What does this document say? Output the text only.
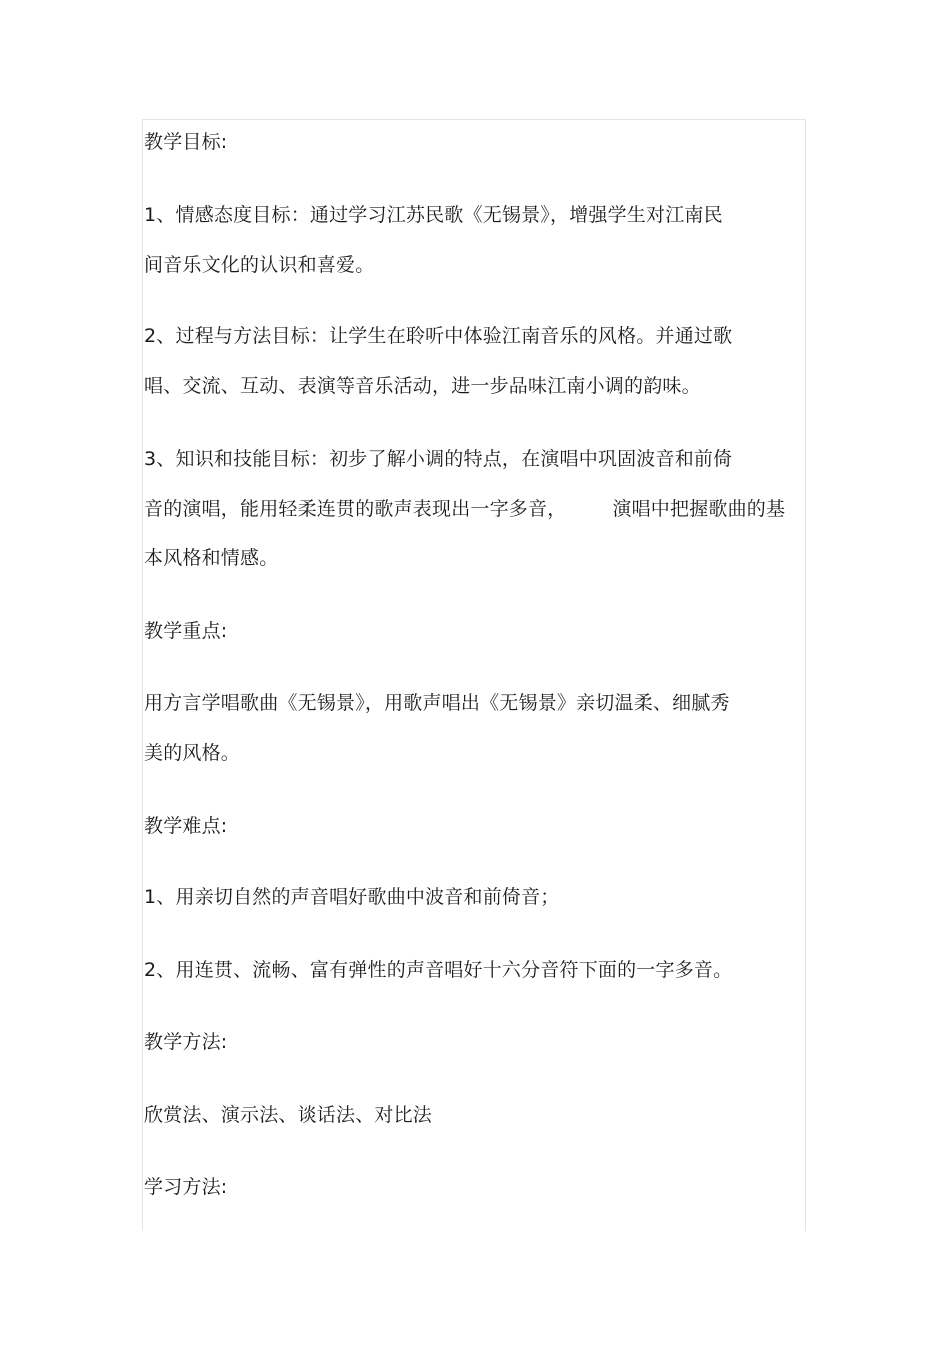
教学目标:
1、情感态度目标：通过学习江苏民歌《无锡景》，增强学生对江南民
间音乐文化的认识和喜爱。
2、过程与方法目标：让学生在聆听中体验江南音乐的风格。并通过歌
唱、交流、互动、表演等音乐活动，进一步品味江南小调的韵味。
3、知识和技能目标：初步了解小调的特点，在演唱中巩固波音和前倚
音的演唱，能用轻柔连贯的歌声表现出一字多音， 演唱中把握歌曲的基
本风格和情感。
教学重点:
用方言学唱歌曲《无锡景》，用歌声唱出《无锡景》亲切温柔、细腻秀
美的风格。
教学难点:
1、用亲切自然的声音唱好歌曲中波音和前倚音；
2、用连贯、流畅、富有弹性的声音唱好十六分音符下面的一字多音。
教学方法:
欣赏法、演示法、谈话法、对比法
学习方法:
